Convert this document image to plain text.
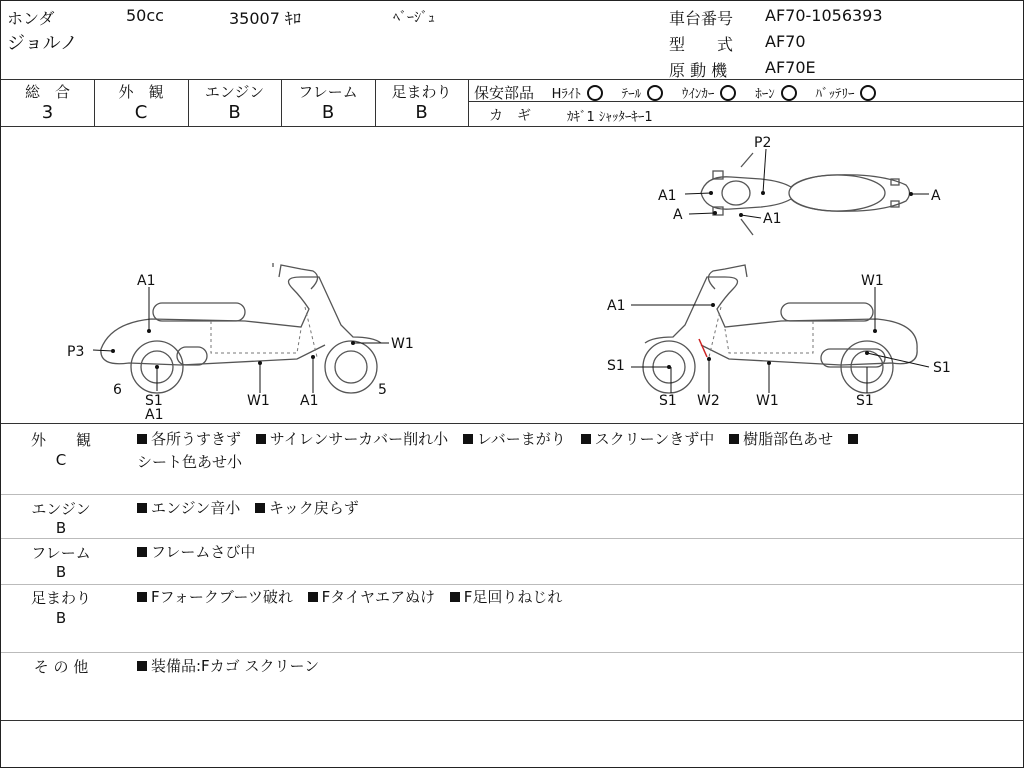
ホンダ	50cc	35007 ｷﾛ	ﾍﾞｰｼﾞｭ
ジョルノ
車台番号 AF70-1056393
型　　式 AF70
原 動 機 AF70E
総　合
3
外　観
C
エンジン
B
フレーム
B
足まわり
B
保安部品 Hﾗｲﾄ	ﾃｰﾙ	ｳｲﾝｶｰ	ﾎｰﾝ	ﾊﾞｯﾃﾘｰ
カ　ギ	ｶｷﾞ1 ｼｬｯﾀｰｷｰ1
P2
A1	A
A	A1
A1
P3	W1
6
S1
A1
W1 A1
5
A1
W1
S1	S1
S1 W2	W1	S1
外　　観
C
各所うすきず サイレンサーカバー削れ小 レバーまがり スクリーンきず中 樹脂部色あせ
シート色あせ小
エンジン
B
エンジン音小 キック戻らず
フレーム
B
フレームさび中
足まわり
B
Fフォークブーツ破れ Fタイヤエアぬけ F足回りねじれ
そ の 他	装備品:Fカゴ スクリーン
